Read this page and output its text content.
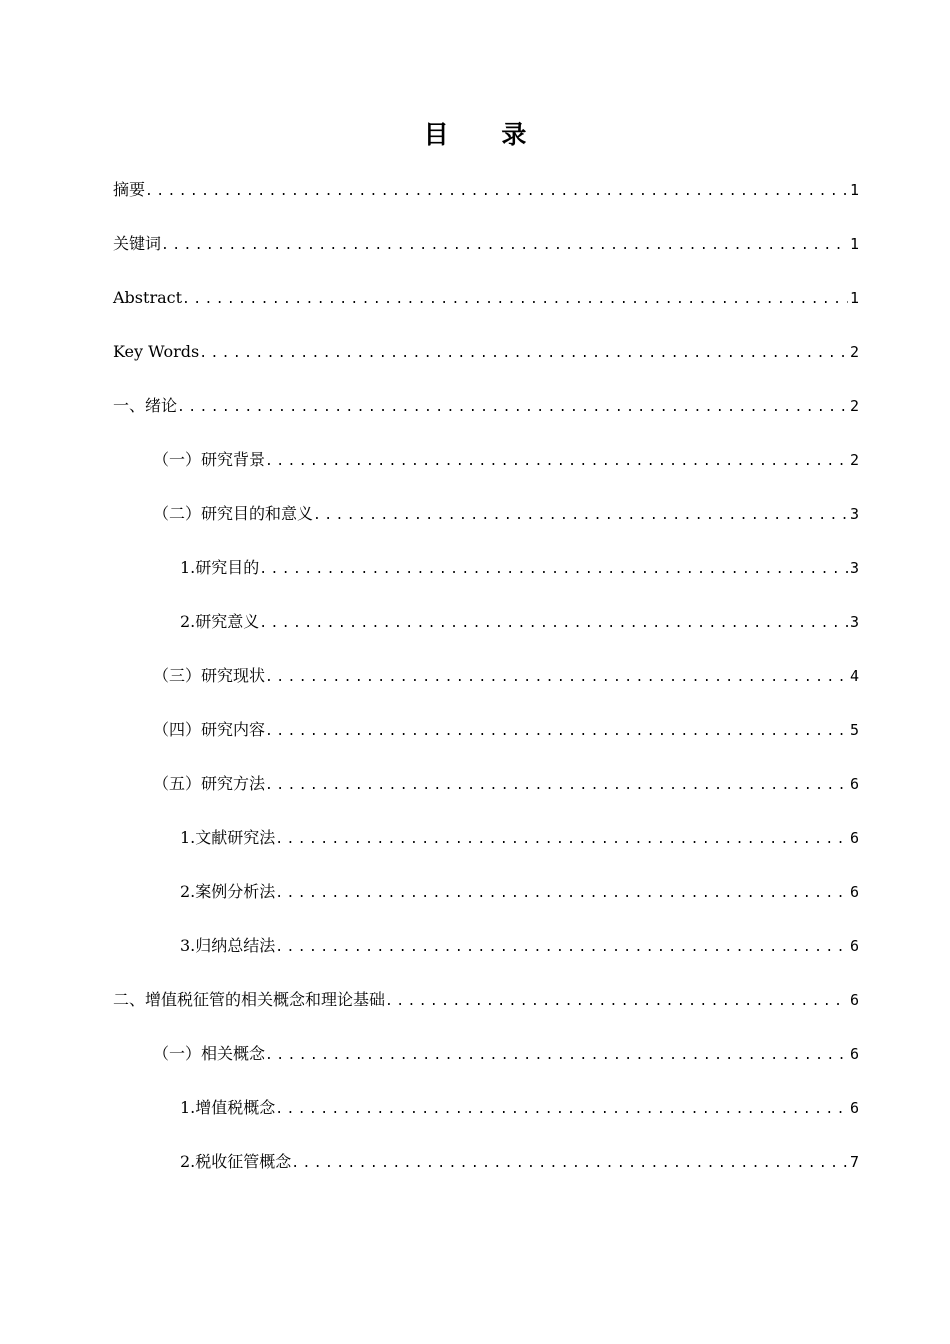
目 录
摘要 .....	1
关键词 .....	1
Abstract .....	1
Key Words .....	2
一、绪论 .....	2
（一）研究背景 .....	2
（二）研究目的和意义 .....	3
1.研究目的 .....	3
2.研究意义 .....	3
（三）研究现状 .....	4
（四）研究内容 .....	5
（五）研究方法 .....	6
1.文献研究法 .....	6
2.案例分析法 .....	6
3.归纳总结法 .....	6
二、增值税征管的相关概念和理论基础 .....	6
（一）相关概念 .....	6
1.增值税概念 .....	6
2.税收征管概念 .....	7
